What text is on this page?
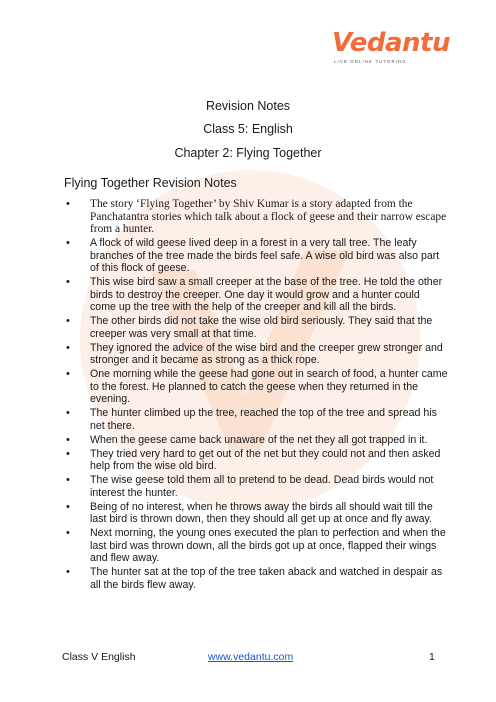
Vedantu
LIVE ONLINE TUTORING
Revision Notes
Class 5: English
Chapter 2: Flying Together
Flying Together Revision Notes
• The story ‘Flying Together’ by Shiv Kumar is a story adapted from the Panchatantra stories which talk about a flock of geese and their narrow escape from a hunter.
• A flock of wild geese lived deep in a forest in a very tall tree. The leafy branches of the tree made the birds feel safe. A wise old bird was also part of this flock of geese.
• This wise bird saw a small creeper at the base of the tree. He told the other birds to destroy the creeper. One day it would grow and a hunter could come up the tree with the help of the creeper and kill all the birds.
• The other birds did not take the wise old bird seriously. They said that the creeper was very small at that time.
• They ignored the advice of the wise bird and the creeper grew stronger and stronger and it became as strong as a thick rope.
• One morning while the geese had gone out in search of food, a hunter came to the forest. He planned to catch the geese when they returned in the evening.
• The hunter climbed up the tree, reached the top of the tree and spread his net there.
• When the geese came back unaware of the net they all got trapped in it.
• They tried very hard to get out of the net but they could not and then asked help from the wise old bird.
• The wise geese told them all to pretend to be dead. Dead birds would not interest the hunter.
• Being of no interest, when he throws away the birds all should wait till the last bird is thrown down, then they should all get up at once and fly away.
• Next morning, the young ones executed the plan to perfection and when the last bird was thrown down, all the birds got up at once, flapped their wings and flew away.
• The hunter sat at the top of the tree taken aback and watched in despair as all the birds flew away.
Class V English	www.vedantu.com	1
